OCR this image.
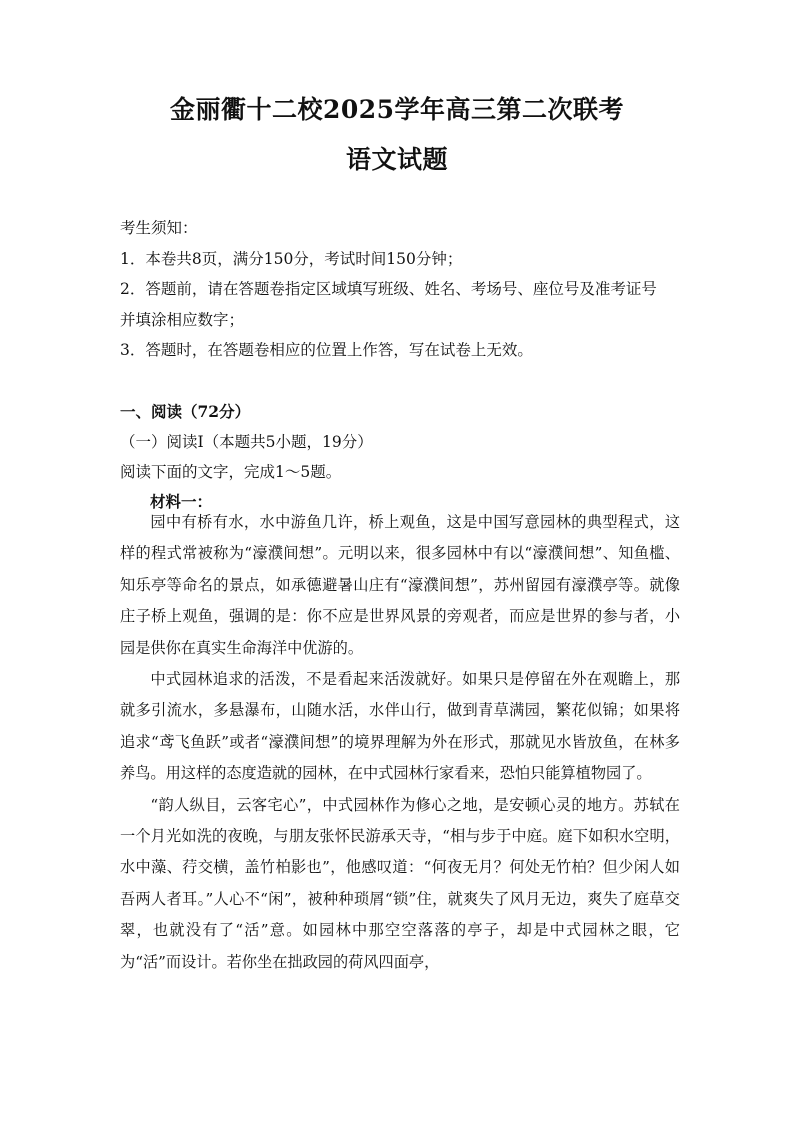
金丽衢十二校2025学年高三第二次联考
语文试题

考生须知：

1．本卷共8页，满分150分，考试时间150分钟；

2．答题前，请在答题卷指定区域填写班级、姓名、考场号、座位号及准考证号

并填涂相应数字；

3．答题时，在答题卷相应的位置上作答，写在试卷上无效。

一、阅读（72分）

（一）阅读Ⅰ（本题共5小题，19分）

阅读下面的文字，完成1～5题。

材料一：

园中有桥有水，水中游鱼几许，桥上观鱼，这是中国写意园林的典型程式，这样的程式常被称为“濠濮间想”。元明以来，很多园林中有以“濠濮间想”、知鱼槛、知乐亭等命名的景点，如承德避暑山庄有“濠濮间想”，苏州留园有濠濮亭等。就像庄子桥上观鱼，强调的是：你不应是世界风景的旁观者，而应是世界的参与者，小园是供你在真实生命海洋中优游的。

中式园林追求的活泼，不是看起来活泼就好。如果只是停留在外在观瞻上，那就多引流水，多悬瀑布，山随水活，水伴山行，做到青草满园，繁花似锦；如果将追求“鸢飞鱼跃”或者“濠濮间想”的境界理解为外在形式，那就见水皆放鱼，在林多养鸟。用这样的态度造就的园林，在中式园林行家看来，恐怕只能算植物园了。

“韵人纵目，云客宅心”，中式园林作为修心之地，是安顿心灵的地方。苏轼在一个月光如洗的夜晚，与朋友张怀民游承天寺，“相与步于中庭。庭下如积水空明，水中藻、荇交横，盖竹柏影也”，他感叹道：“何夜无月？何处无竹柏？但少闲人如吾两人者耳。”人心不“闲”，被种种琐屑“锁”住，就爽失了风月无边，爽失了庭草交翠，也就没有了“活”意。如园林中那空空落落的亭子，却是中式园林之眼，它为“活”而设计。若你坐在拙政园的荷风四面亭，
